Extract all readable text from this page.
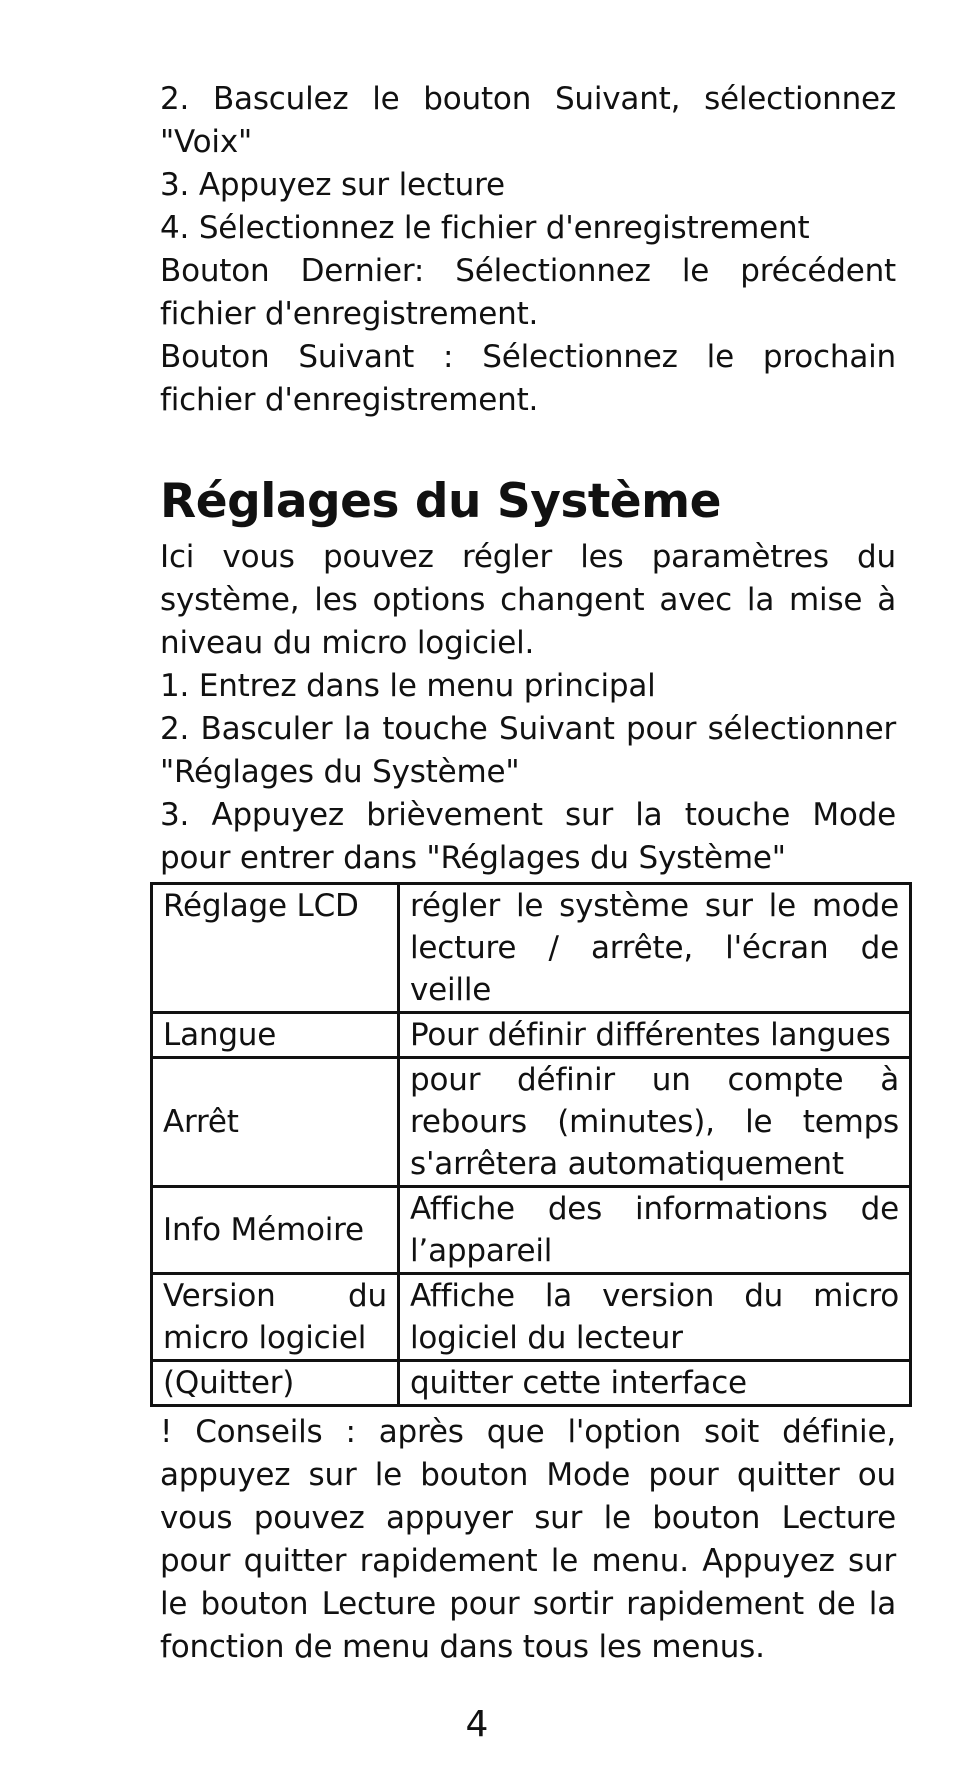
2. Basculez le bouton Suivant, sélectionnez "Voix"

3. Appuyez sur lecture

4. Sélectionnez le fichier d'enregistrement

Bouton Dernier: Sélectionnez le précédent fichier d'enregistrement.

Bouton Suivant : Sélectionnez le prochain fichier d'enregistrement.

Réglages du Système

Ici vous pouvez régler les paramètres du système, les options changent avec la mise à niveau du micro logiciel.

1. Entrez dans le menu principal

2. Basculer la touche Suivant pour sélectionner "Réglages du Système"

3. Appuyez brièvement sur la touche Mode pour entrer dans "Réglages du Système"

Réglage LCD	régler le système sur le mode lecture / arrête, l'écran de veille
Langue	Pour définir différentes langues
Arrêt	pour définir un compte à rebours (minutes), le temps s'arrêtera automatiquement
Info Mémoire	Affiche des informations de l’appareil
Version du micro logiciel	Affiche la version du micro logiciel du lecteur
(Quitter)	quitter cette interface

! Conseils : après que l'option soit définie, appuyez sur le bouton Mode pour quitter ou vous pouvez appuyer sur le bouton Lecture pour quitter rapidement le menu. Appuyez sur le bouton Lecture pour sortir rapidement de la fonction de menu dans tous les menus.

4
